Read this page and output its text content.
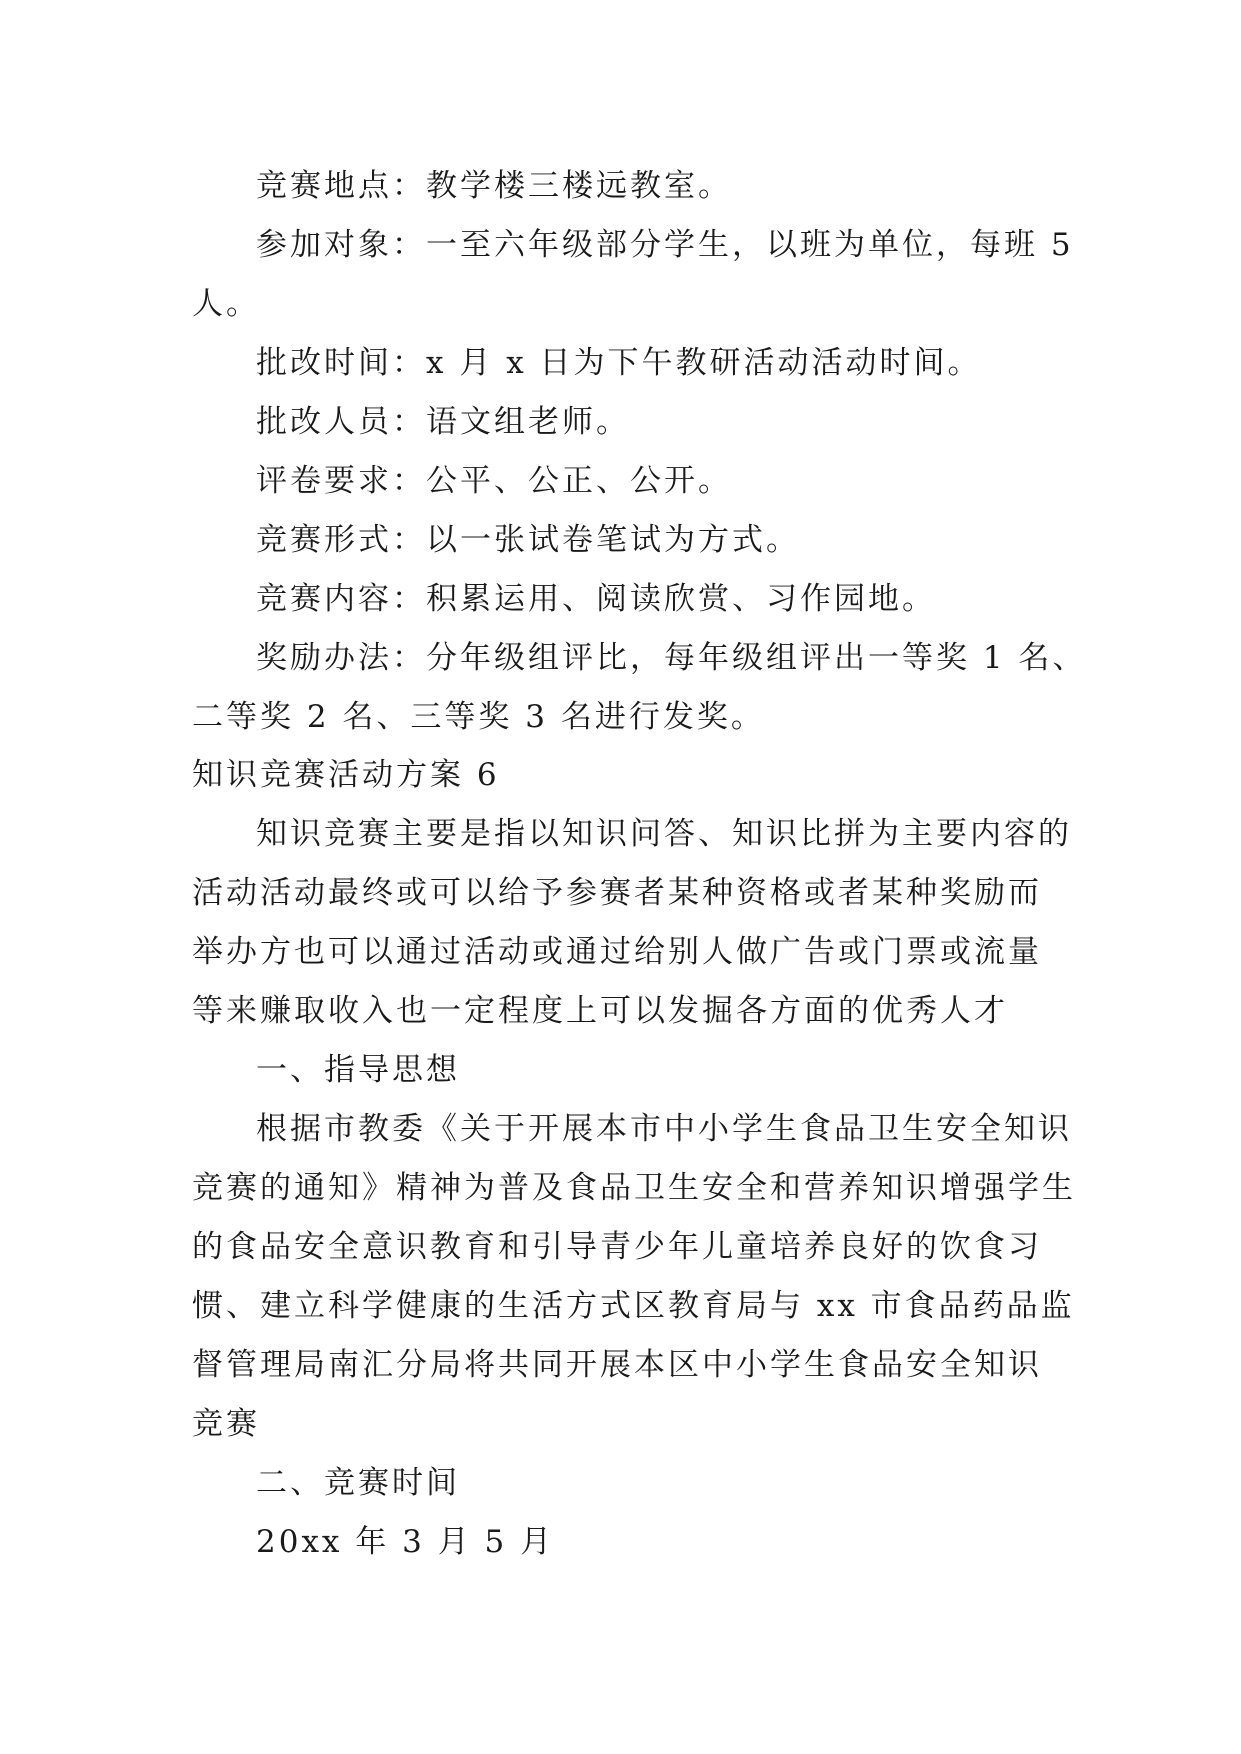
竞赛地点：教学楼三楼远教室。
参加对象：一至六年级部分学生，以班为单位，每班 5
人。
批改时间：x 月 x 日为下午教研活动活动时间。
批改人员：语文组老师。
评卷要求：公平、公正、公开。
竞赛形式：以一张试卷笔试为方式。
竞赛内容：积累运用、阅读欣赏、习作园地。
奖励办法：分年级组评比，每年级组评出一等奖 1 名、
二等奖 2 名、三等奖 3 名进行发奖。
知识竞赛活动方案 6
知识竞赛主要是指以知识问答、知识比拼为主要内容的
活动活动最终或可以给予参赛者某种资格或者某种奖励而
举办方也可以通过活动或通过给别人做广告或门票或流量
等来赚取收入也一定程度上可以发掘各方面的优秀人才
一、指导思想
根据市教委《关于开展本市中小学生食品卫生安全知识
竞赛的通知》精神为普及食品卫生安全和营养知识增强学生
的食品安全意识教育和引导青少年儿童培养良好的饮食习
惯、建立科学健康的生活方式区教育局与 xx 市食品药品监
督管理局南汇分局将共同开展本区中小学生食品安全知识
竞赛
二、竞赛时间
20xx 年 3 月 5 月
